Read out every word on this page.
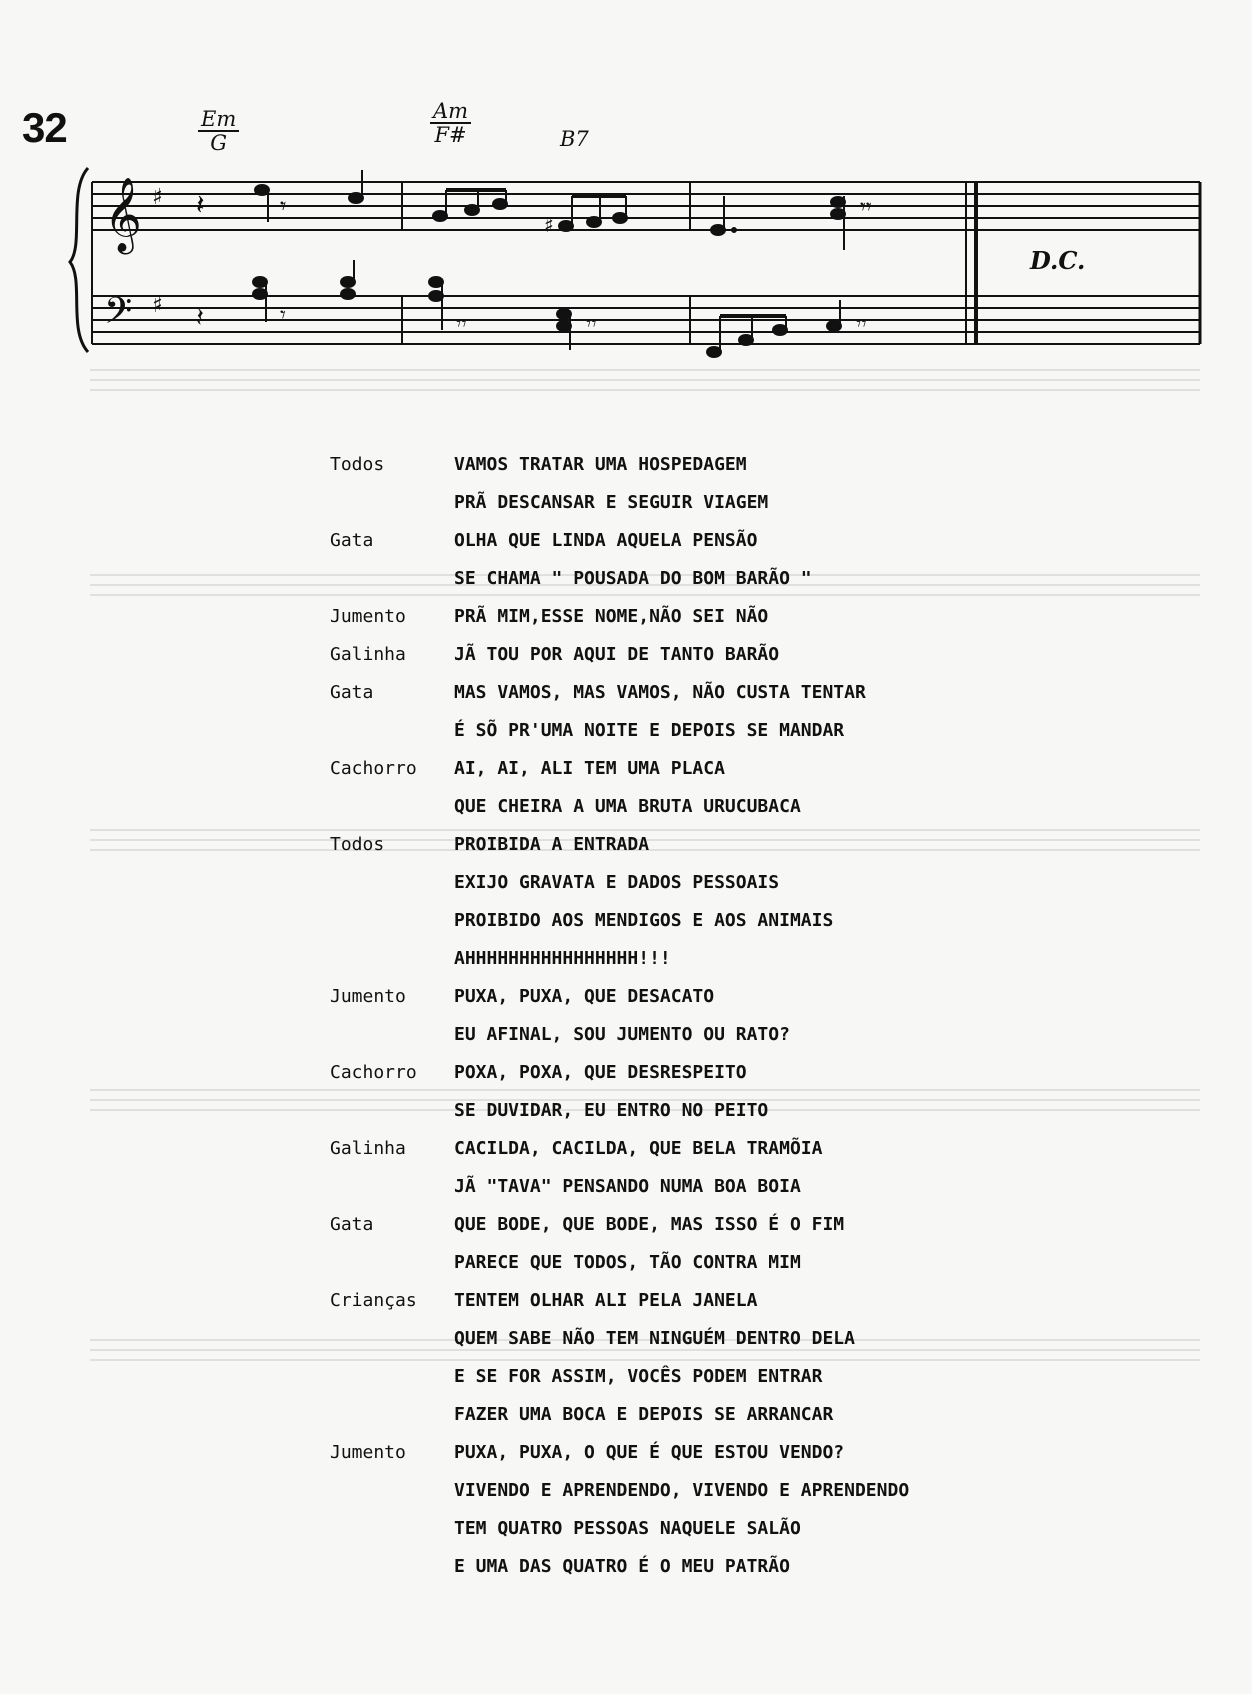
32	$\frac{Em}{G}$	$\frac{Am}{F\#}$	B7
𝄞 ♯
𝄢 ♯
𝄽	𝄾
♯
𝄾𝄾
𝄽	𝄾	𝄾𝄾	𝄾𝄾	𝄾𝄾
D.C.
Todos	VAMOS TRATAR UMA HOSPEDAGEM
PRÃ DESCANSAR E SEGUIR VIAGEM
Gata	OLHA QUE LINDA AQUELA PENSÃO
SE CHAMA " POUSADA DO BOM BARÃO "
Jumento	PRÃ MIM,ESSE NOME,NÃO SEI NÃO
Galinha	JÃ TOU POR AQUI DE TANTO BARÃO
Gata	MAS VAMOS, MAS VAMOS, NÃO CUSTA TENTAR
É SÕ PR'UMA NOITE E DEPOIS SE MANDAR
Cachorro	AI, AI, ALI TEM UMA PLACA
QUE CHEIRA A UMA BRUTA URUCUBACA
Todos	PROIBIDA A ENTRADA
EXIJO GRAVATA E DADOS PESSOAIS
PROIBIDO AOS MENDIGOS E AOS ANIMAIS
AHHHHHHHHHHHHHHHH!!!
Jumento	PUXA, PUXA, QUE DESACATO
EU AFINAL, SOU JUMENTO OU RATO?
Cachorro	POXA, POXA, QUE DESRESPEITO
SE DUVIDAR, EU ENTRO NO PEITO
Galinha	CACILDA, CACILDA, QUE BELA TRAMÕIA
JÃ "TAVA" PENSANDO NUMA BOA BOIA
Gata	QUE BODE, QUE BODE, MAS ISSO É O FIM
PARECE QUE TODOS, TÃO CONTRA MIM
Crianças	TENTEM OLHAR ALI PELA JANELA
QUEM SABE NÃO TEM NINGUÉM DENTRO DELA
E SE FOR ASSIM, VOCÊS PODEM ENTRAR
FAZER UMA BOCA E DEPOIS SE ARRANCAR
Jumento	PUXA, PUXA, O QUE É QUE ESTOU VENDO?
VIVENDO E APRENDENDO, VIVENDO E APRENDENDO
TEM QUATRO PESSOAS NAQUELE SALÃO
E UMA DAS QUATRO É O MEU PATRÃO
